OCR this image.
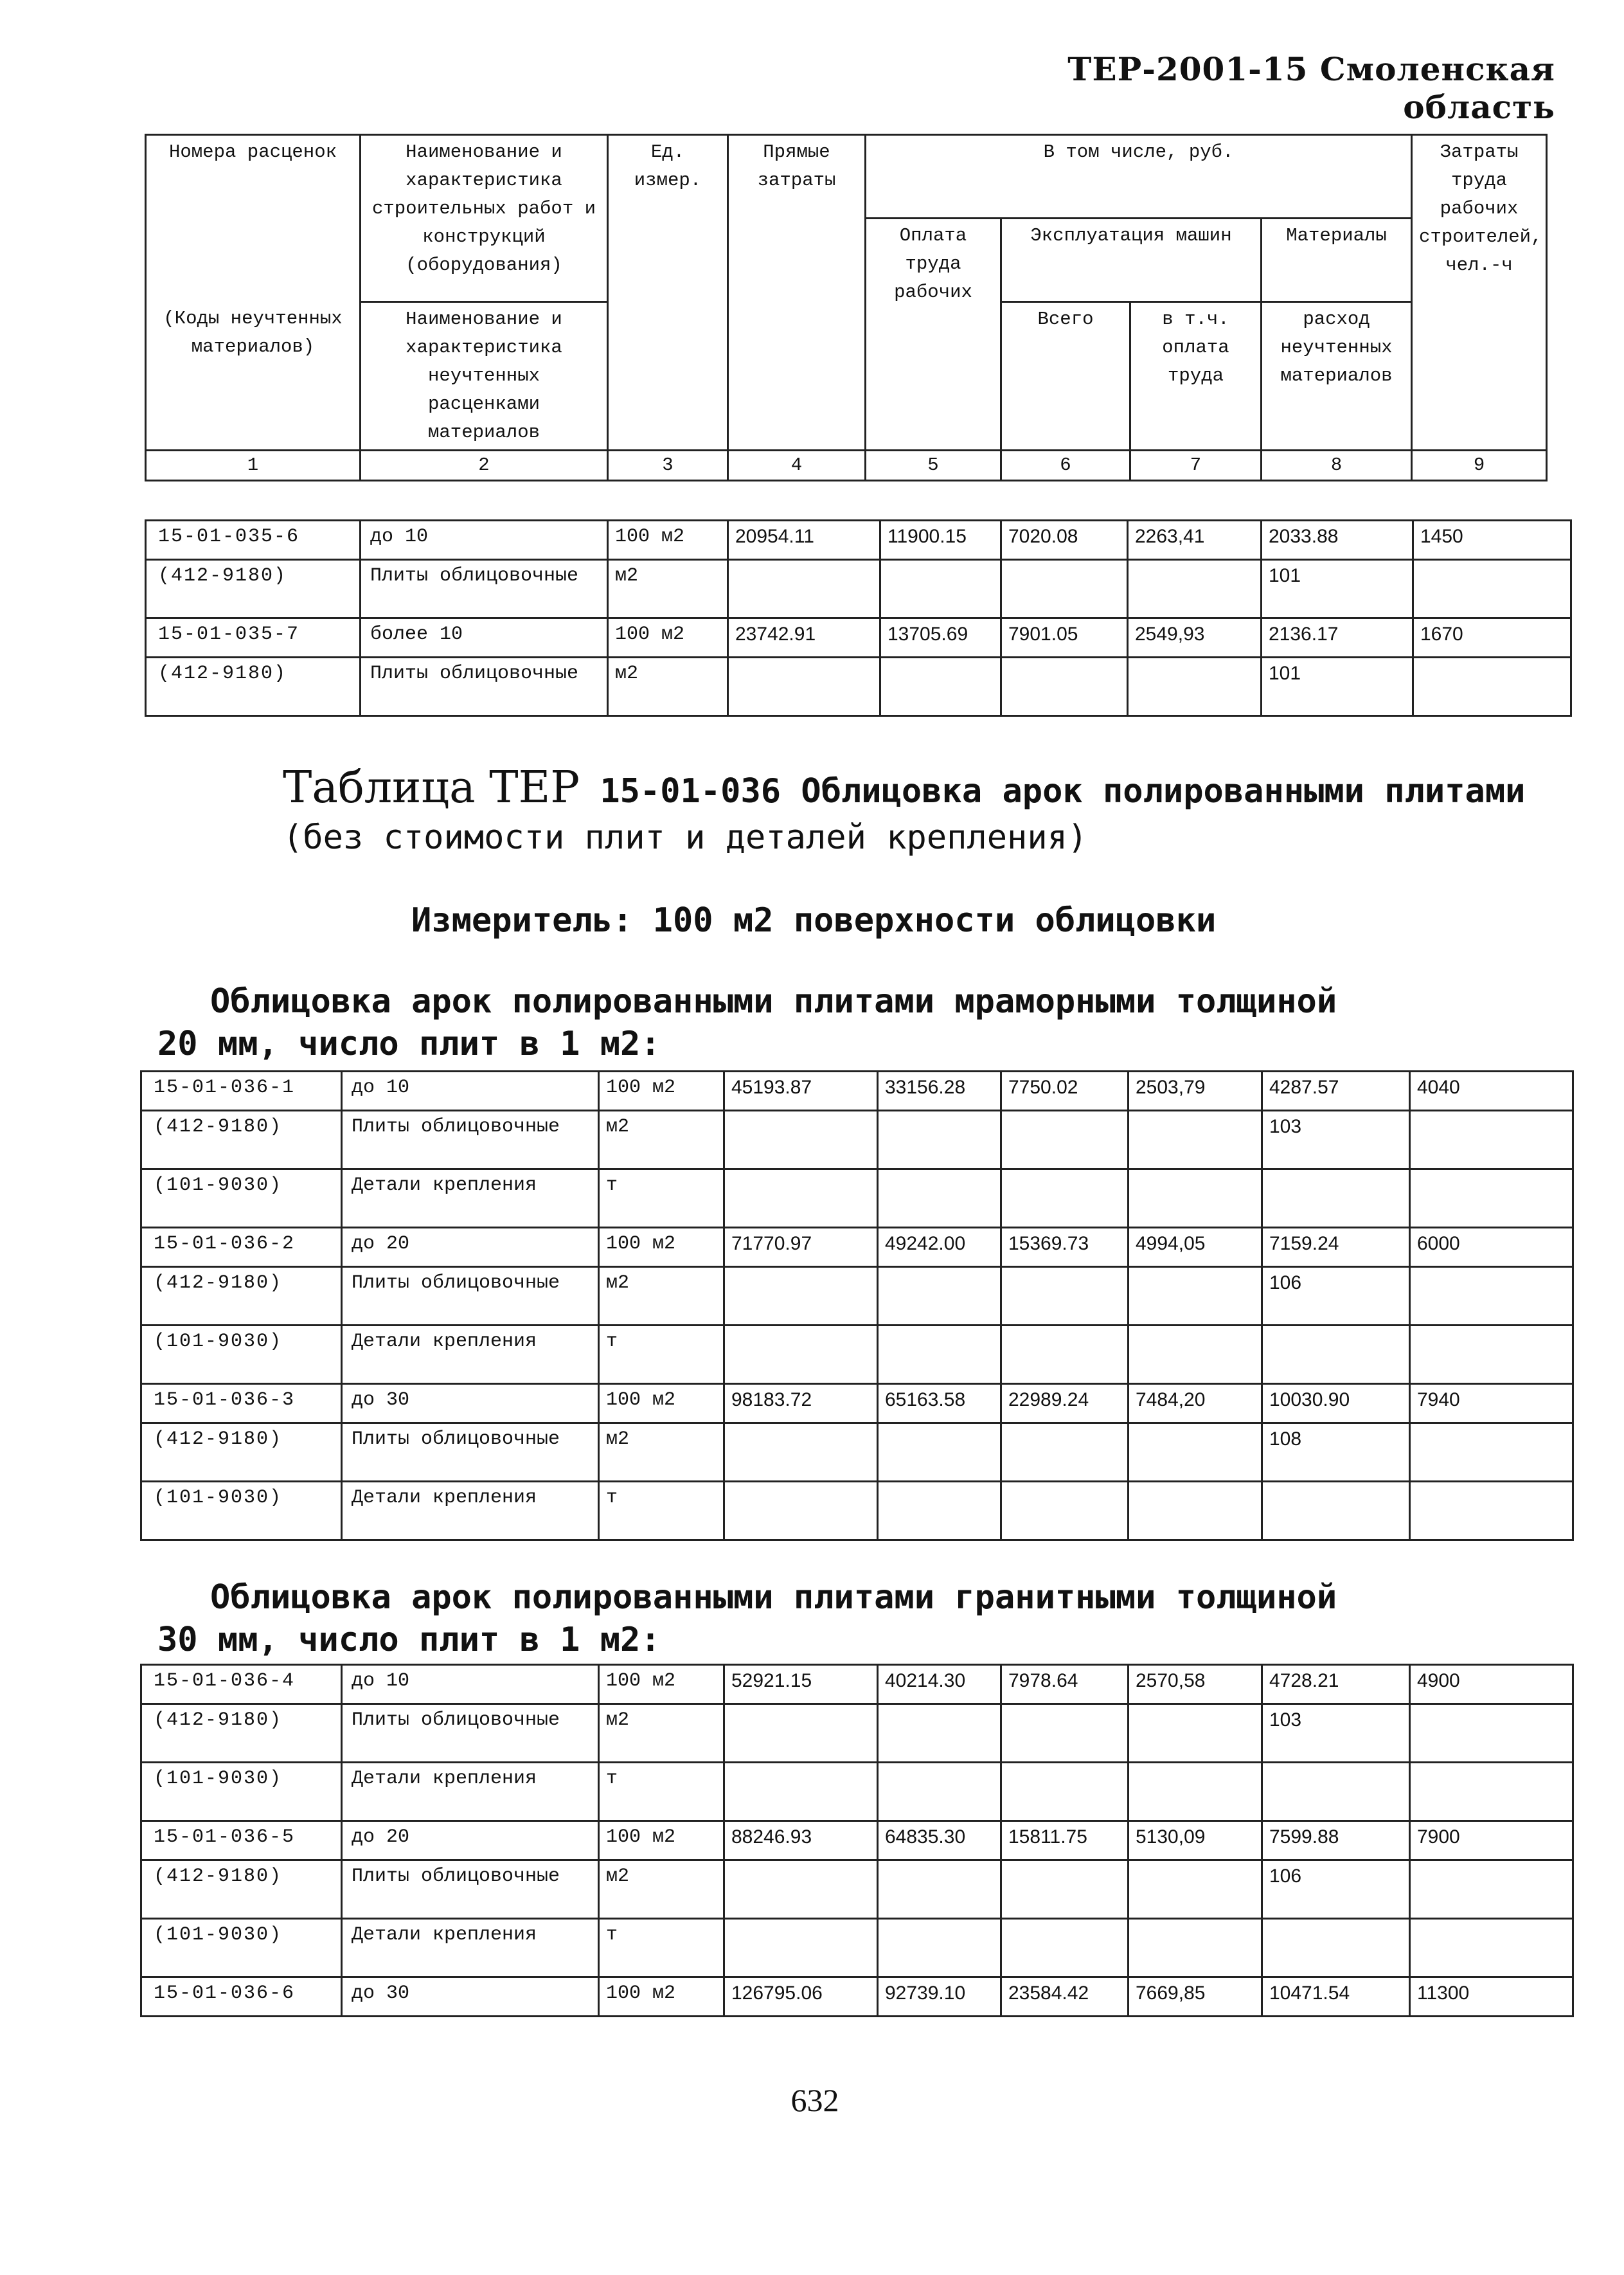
ТЕР-2001-15 Смоленская область
Номера расценок	Наименование и характеристика строительных работ и конструкций (оборудования)	Ед. измер.	Прямые затраты	В том числе, руб.				Затраты труда рабочих строителей, чел.-ч
				Оплата труда рабочих	Эксплуатация машин		Материалы	
(Коды неучтенных материалов)	Наименование и характеристика неучтенных расценками материалов				Всего	в т.ч. оплата труда	расход неучтенных материалов	
1	2	3	4	5	6	7	8	9
15-01-035-6	до 10	100 м2	20954.11	11900.15	7020.08	2263,41	2033.88	1450
(412-9180)	Плиты облицовочные	м2					101	
15-01-035-7	более 10	100 м2	23742.91	13705.69	7901.05	2549,93	2136.17	1670
(412-9180)	Плиты облицовочные	м2					101	
Таблица ТЕР 15-01-036 Облицовка арок полированными плитами (без стоимости плит и деталей крепления)
Измеритель: 100 м2 поверхности облицовки
Облицовка арок полированными плитами мраморными толщиной
20 мм, число плит в 1 м2:
15-01-036-1	до 10	100 м2	45193.87	33156.28	7750.02	2503,79	4287.57	4040
(412-9180)	Плиты облицовочные	м2					103	
(101-9030)	Детали крепления	т						
15-01-036-2	до 20	100 м2	71770.97	49242.00	15369.73	4994,05	7159.24	6000
(412-9180)	Плиты облицовочные	м2					106	
(101-9030)	Детали крепления	т						
15-01-036-3	до 30	100 м2	98183.72	65163.58	22989.24	7484,20	10030.90	7940
(412-9180)	Плиты облицовочные	м2					108	
(101-9030)	Детали крепления	т						
Облицовка арок полированными плитами гранитными толщиной
30 мм, число плит в 1 м2:
15-01-036-4	до 10	100 м2	52921.15	40214.30	7978.64	2570,58	4728.21	4900
(412-9180)	Плиты облицовочные	м2					103	
(101-9030)	Детали крепления	т						
15-01-036-5	до 20	100 м2	88246.93	64835.30	15811.75	5130,09	7599.88	7900
(412-9180)	Плиты облицовочные	м2					106	
(101-9030)	Детали крепления	т						
15-01-036-6	до 30	100 м2	126795.06	92739.10	23584.42	7669,85	10471.54	11300
632
